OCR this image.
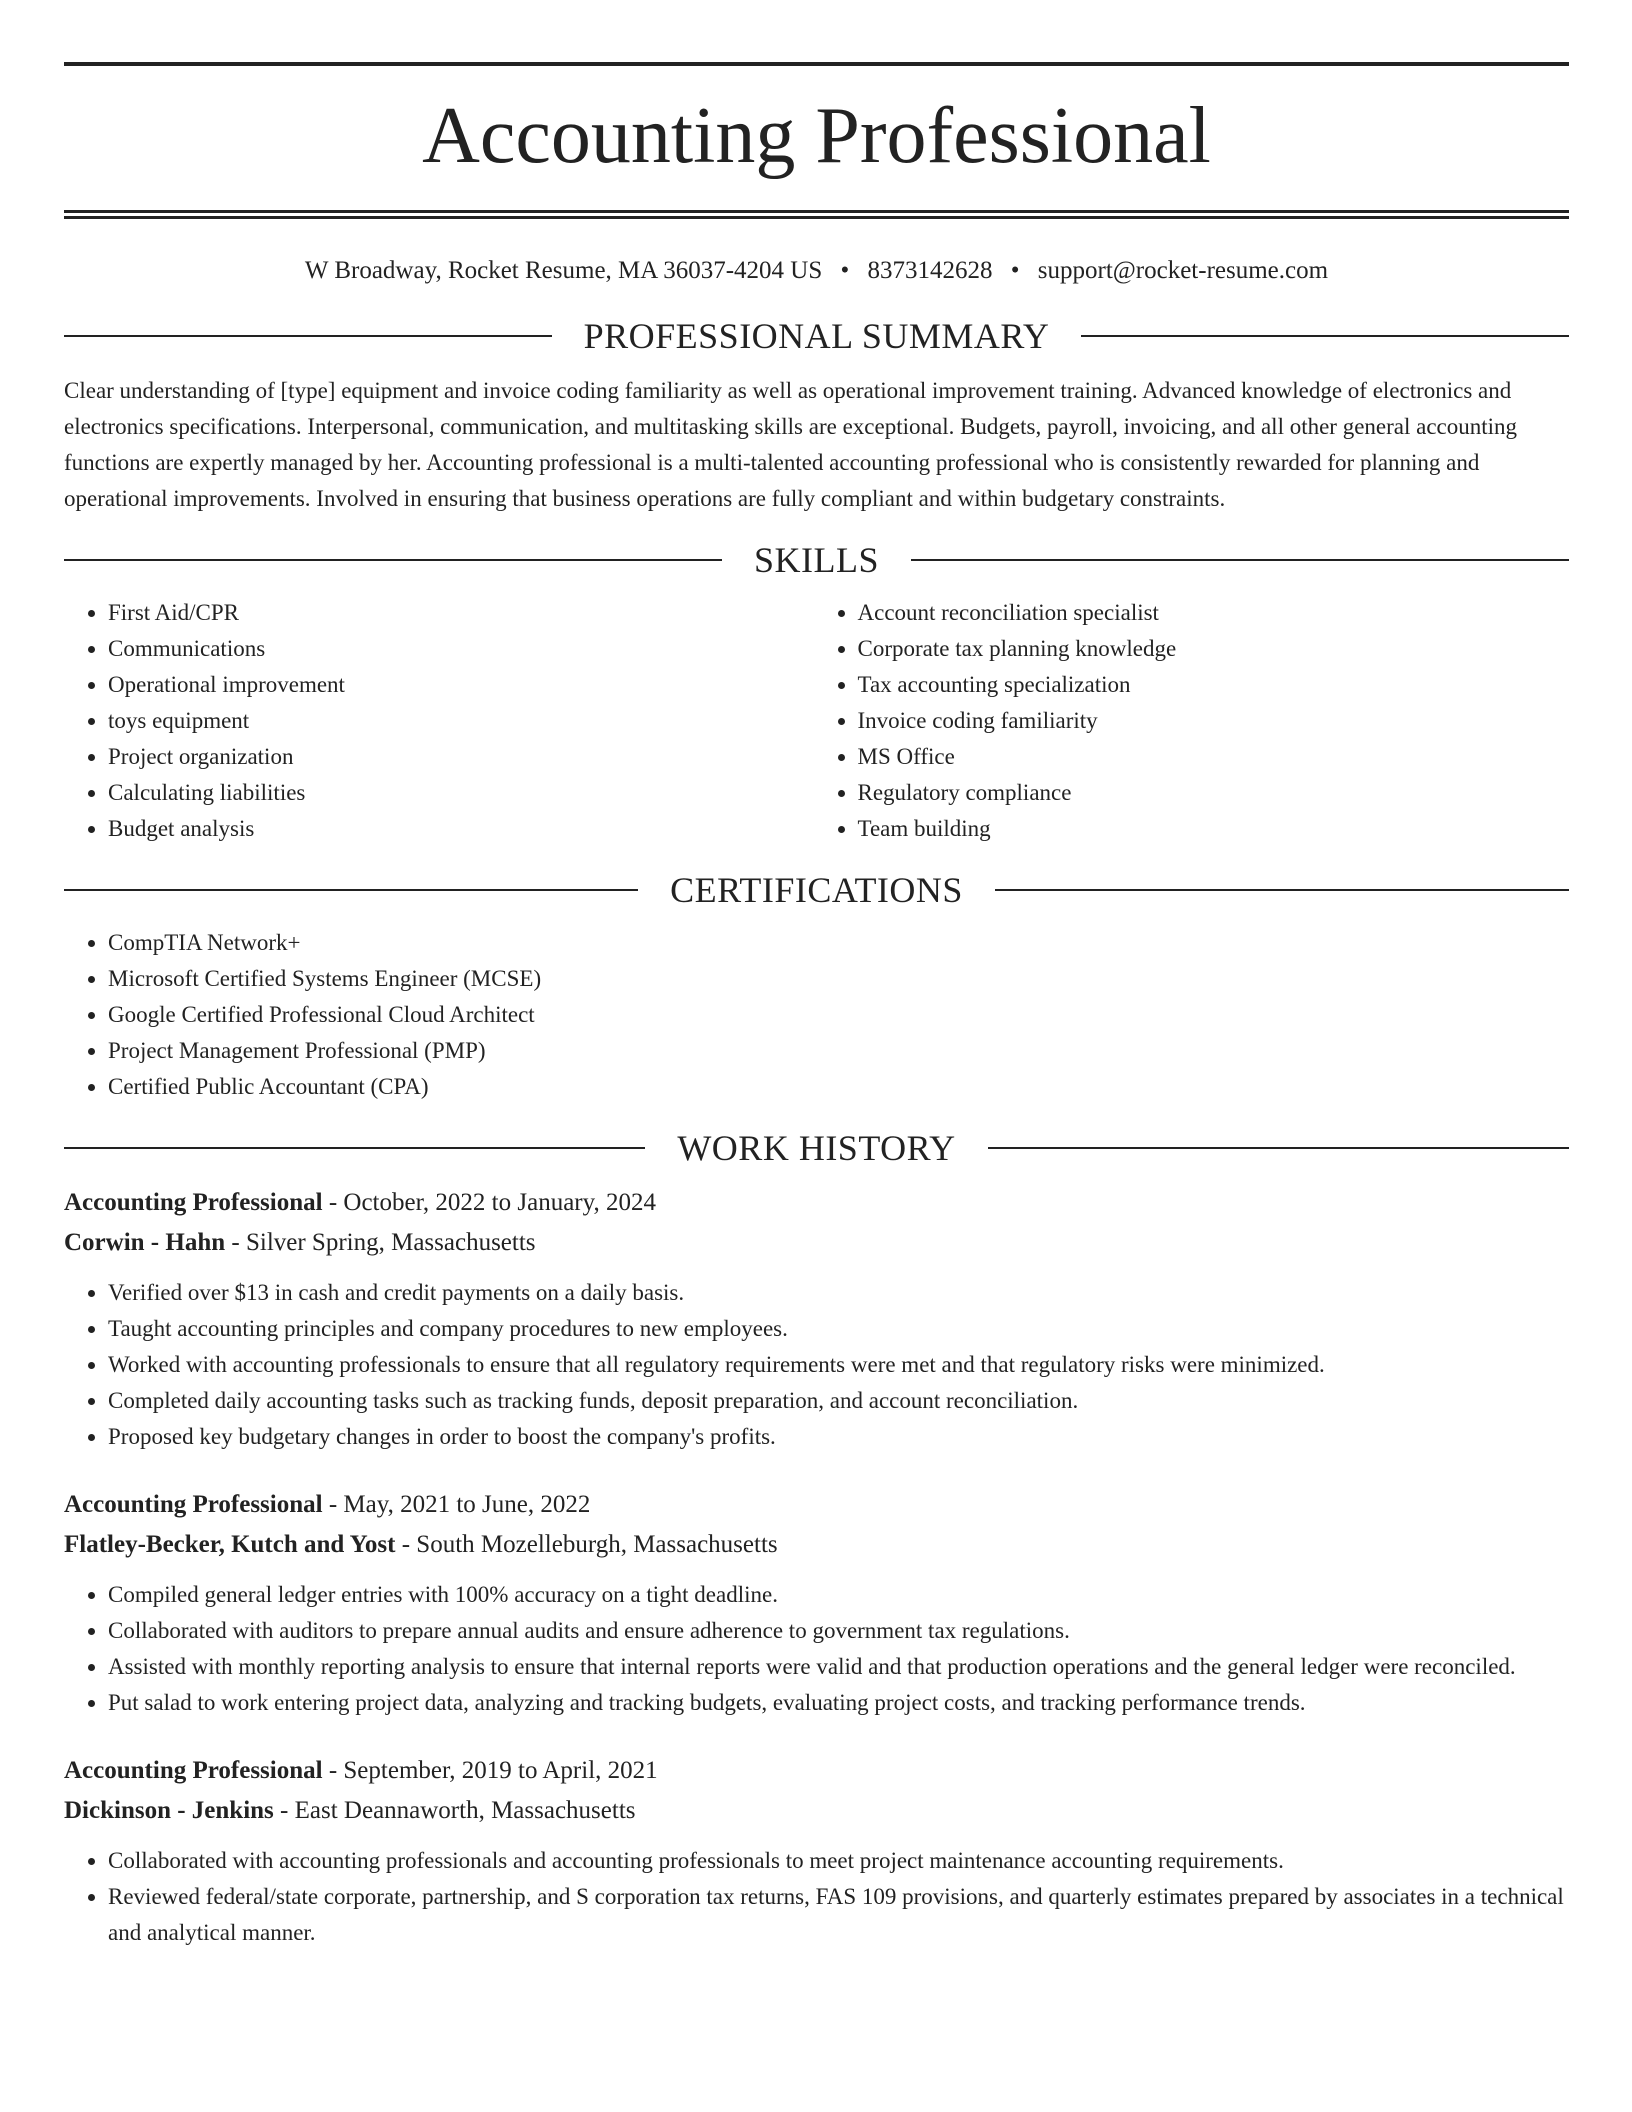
Accounting Professional
W Broadway, Rocket Resume, MA 36037-4204 US • 8373142628 • support@rocket-resume.com
PROFESSIONAL SUMMARY

Clear understanding of [type] equipment and invoice coding familiarity as well as operational improvement training. Advanced knowledge of electronics and electronics specifications. Interpersonal, communication, and multitasking skills are exceptional. Budgets, payroll, invoicing, and all other general accounting functions are expertly managed by her. Accounting professional is a multi-talented accounting professional who is consistently rewarded for planning and operational improvements. Involved in ensuring that business operations are fully compliant and within budgetary constraints.

SKILLS
• First Aid/CPR
• Communications
• Operational improvement
• toys equipment
• Project organization
• Calculating liabilities
• Budget analysis
• Account reconciliation specialist
• Corporate tax planning knowledge
• Tax accounting specialization
• Invoice coding familiarity
• MS Office
• Regulatory compliance
• Team building
CERTIFICATIONS
• CompTIA Network+
• Microsoft Certified Systems Engineer (MCSE)
• Google Certified Professional Cloud Architect
• Project Management Professional (PMP)
• Certified Public Accountant (CPA)
WORK HISTORY
Accounting Professional - October, 2022 to January, 2024
Corwin - Hahn - Silver Spring, Massachusetts
• Verified over $13 in cash and credit payments on a daily basis.
• Taught accounting principles and company procedures to new employees.
• Worked with accounting professionals to ensure that all regulatory requirements were met and that regulatory risks were minimized.
• Completed daily accounting tasks such as tracking funds, deposit preparation, and account reconciliation.
• Proposed key budgetary changes in order to boost the company's profits.
Accounting Professional - May, 2021 to June, 2022
Flatley-Becker, Kutch and Yost - South Mozelleburgh, Massachusetts
• Compiled general ledger entries with 100% accuracy on a tight deadline.
• Collaborated with auditors to prepare annual audits and ensure adherence to government tax regulations.
• Assisted with monthly reporting analysis to ensure that internal reports were valid and that production operations and the general ledger were reconciled.
• Put salad to work entering project data, analyzing and tracking budgets, evaluating project costs, and tracking performance trends.
Accounting Professional - September, 2019 to April, 2021
Dickinson - Jenkins - East Deannaworth, Massachusetts
• Collaborated with accounting professionals and accounting professionals to meet project maintenance accounting requirements.
• Reviewed federal/state corporate, partnership, and S corporation tax returns, FAS 109 provisions, and quarterly estimates prepared by associates in a technical and analytical manner.
